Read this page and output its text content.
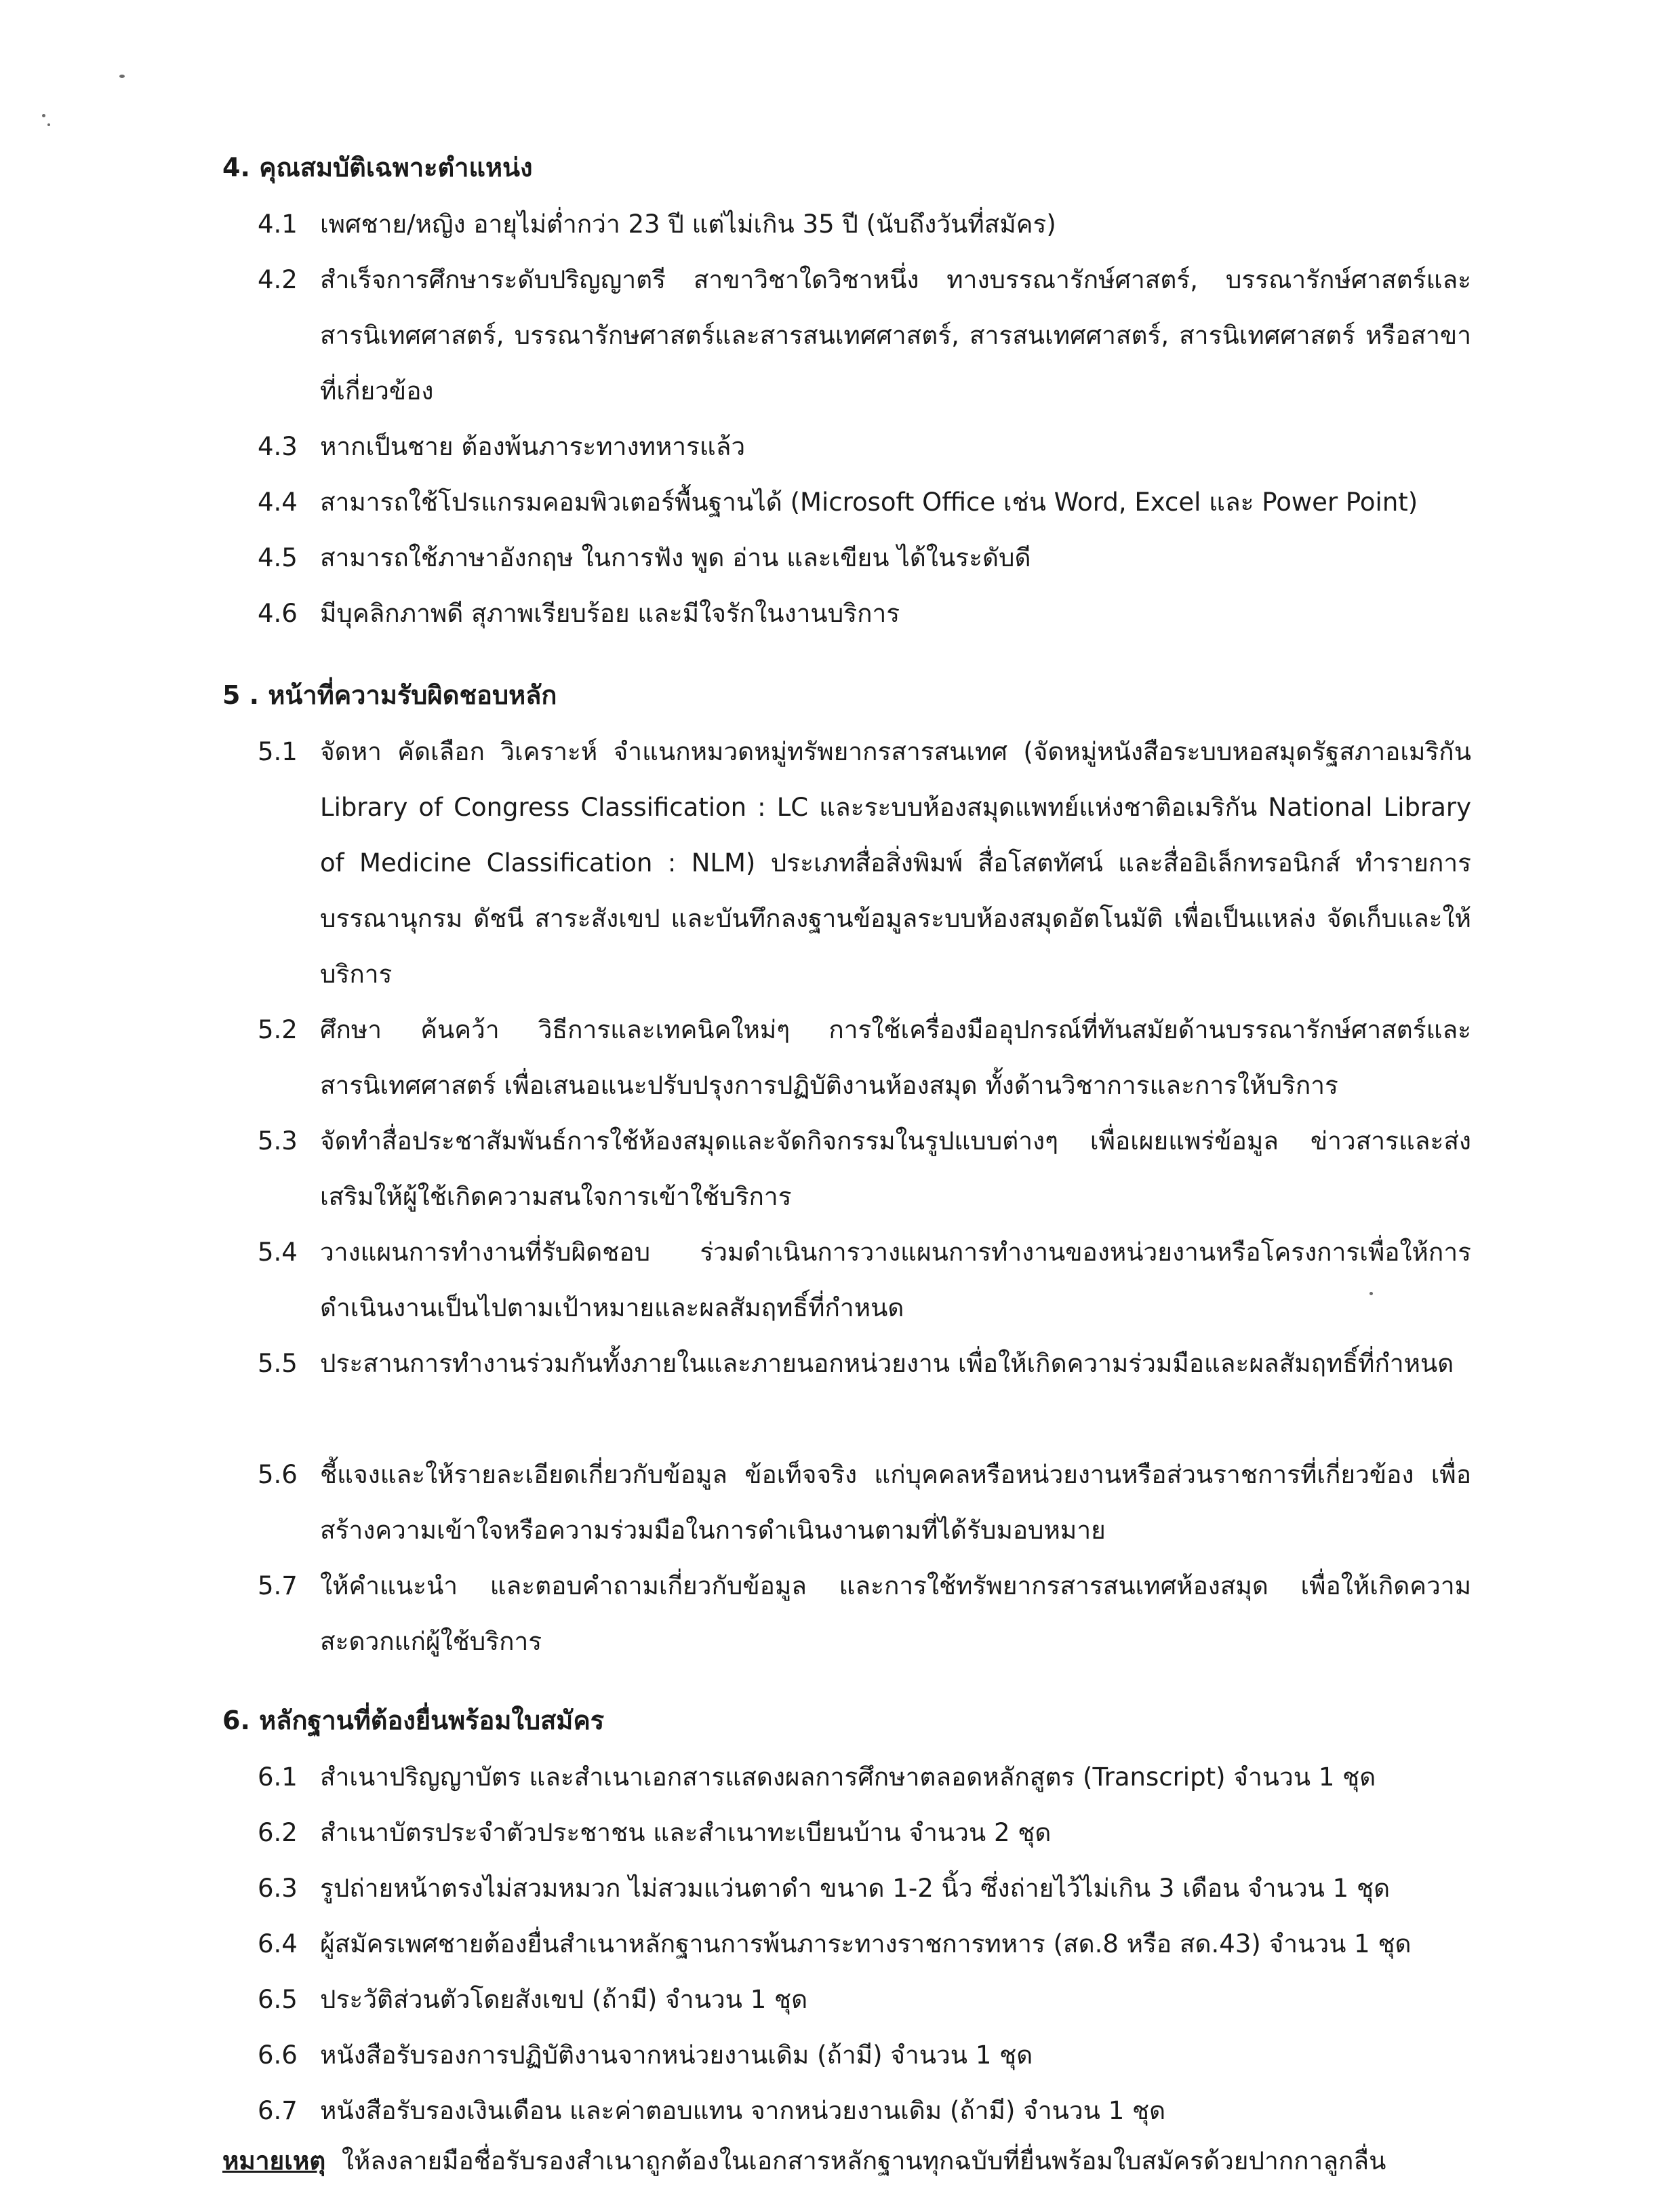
4. คุณสมบัติเฉพาะตำแหน่ง
4.1 เพศชาย/หญิง อายุไม่ต่ำกว่า 23 ปี แต่ไม่เกิน 35 ปี (นับถึงวันที่สมัคร)
4.2 สำเร็จการศึกษาระดับปริญญาตรี สาขาวิชาใดวิชาหนึ่ง ทางบรรณารักษ์ศาสตร์, บรรณารักษ์ศาสตร์และสารนิเทศศาสตร์, บรรณารักษศาสตร์และสารสนเทศศาสตร์, สารสนเทศศาสตร์, สารนิเทศศาสตร์ หรือสาขาที่เกี่ยวข้อง
4.3 หากเป็นชาย ต้องพ้นภาระทางทหารแล้ว
4.4 สามารถใช้โปรแกรมคอมพิวเตอร์พื้นฐานได้ (Microsoft Office เช่น Word, Excel และ Power Point)
4.5 สามารถใช้ภาษาอังกฤษ ในการฟัง พูด อ่าน และเขียน ได้ในระดับดี
4.6 มีบุคลิกภาพดี สุภาพเรียบร้อย และมีใจรักในงานบริการ
5 . หน้าที่ความรับผิดชอบหลัก
5.1 จัดหา คัดเลือก วิเคราะห์ จำแนกหมวดหมู่ทรัพยากรสารสนเทศ (จัดหมู่หนังสือระบบหอสมุดรัฐสภาอเมริกัน Library of Congress Classification : LC และระบบห้องสมุดแพทย์แห่งชาติอเมริกัน National Library of Medicine Classification : NLM) ประเภทสื่อสิ่งพิมพ์ สื่อโสตทัศน์ และสื่ออิเล็กทรอนิกส์ ทำรายการบรรณานุกรม ดัชนี สาระสังเขป และบันทึกลงฐานข้อมูลระบบห้องสมุดอัตโนมัติ เพื่อเป็นแหล่ง จัดเก็บและให้บริการ
5.2 ศึกษา ค้นคว้า วิธีการและเทคนิคใหม่ๆ การใช้เครื่องมืออุปกรณ์ที่ทันสมัยด้านบรรณารักษ์ศาสตร์และสารนิเทศศาสตร์ เพื่อเสนอแนะปรับปรุงการปฏิบัติงานห้องสมุด ทั้งด้านวิชาการและการให้บริการ
5.3 จัดทำสื่อประชาสัมพันธ์การใช้ห้องสมุดและจัดกิจกรรมในรูปแบบต่างๆ เพื่อเผยแพร่ข้อมูล ข่าวสารและส่งเสริมให้ผู้ใช้เกิดความสนใจการเข้าใช้บริการ
5.4 วางแผนการทำงานที่รับผิดชอบ ร่วมดำเนินการวางแผนการทำงานของหน่วยงานหรือโครงการเพื่อให้การดำเนินงานเป็นไปตามเป้าหมายและผลสัมฤทธิ์ที่กำหนด
5.5 ประสานการทำงานร่วมกันทั้งภายในและภายนอกหน่วยงาน เพื่อให้เกิดความร่วมมือและผลสัมฤทธิ์ที่กำหนด
5.6 ชี้แจงและให้รายละเอียดเกี่ยวกับข้อมูล ข้อเท็จจริง แก่บุคคลหรือหน่วยงานหรือส่วนราชการที่เกี่ยวข้อง เพื่อสร้างความเข้าใจหรือความร่วมมือในการดำเนินงานตามที่ได้รับมอบหมาย
5.7 ให้คำแนะนำ และตอบคำถามเกี่ยวกับข้อมูล และการใช้ทรัพยากรสารสนเทศห้องสมุด เพื่อให้เกิดความสะดวกแก่ผู้ใช้บริการ
6. หลักฐานที่ต้องยื่นพร้อมใบสมัคร
6.1 สำเนาปริญญาบัตร และสำเนาเอกสารแสดงผลการศึกษาตลอดหลักสูตร (Transcript) จำนวน 1 ชุด
6.2 สำเนาบัตรประจำตัวประชาชน และสำเนาทะเบียนบ้าน จำนวน 2 ชุด
6.3 รูปถ่ายหน้าตรงไม่สวมหมวก ไม่สวมแว่นตาดำ ขนาด 1-2 นิ้ว ซึ่งถ่ายไว้ไม่เกิน 3 เดือน จำนวน 1 ชุด
6.4 ผู้สมัครเพศชายต้องยื่นสำเนาหลักฐานการพ้นภาระทางราชการทหาร (สด.8 หรือ สด.43) จำนวน 1 ชุด
6.5 ประวัติส่วนตัวโดยสังเขป (ถ้ามี) จำนวน 1 ชุด
6.6 หนังสือรับรองการปฏิบัติงานจากหน่วยงานเดิม (ถ้ามี) จำนวน 1 ชุด
6.7 หนังสือรับรองเงินเดือน และค่าตอบแทน จากหน่วยงานเดิม (ถ้ามี) จำนวน 1 ชุด
หมายเหตุ ให้ลงลายมือชื่อรับรองสำเนาถูกต้องในเอกสารหลักฐานทุกฉบับที่ยื่นพร้อมใบสมัครด้วยปากกาลูกลื่น
